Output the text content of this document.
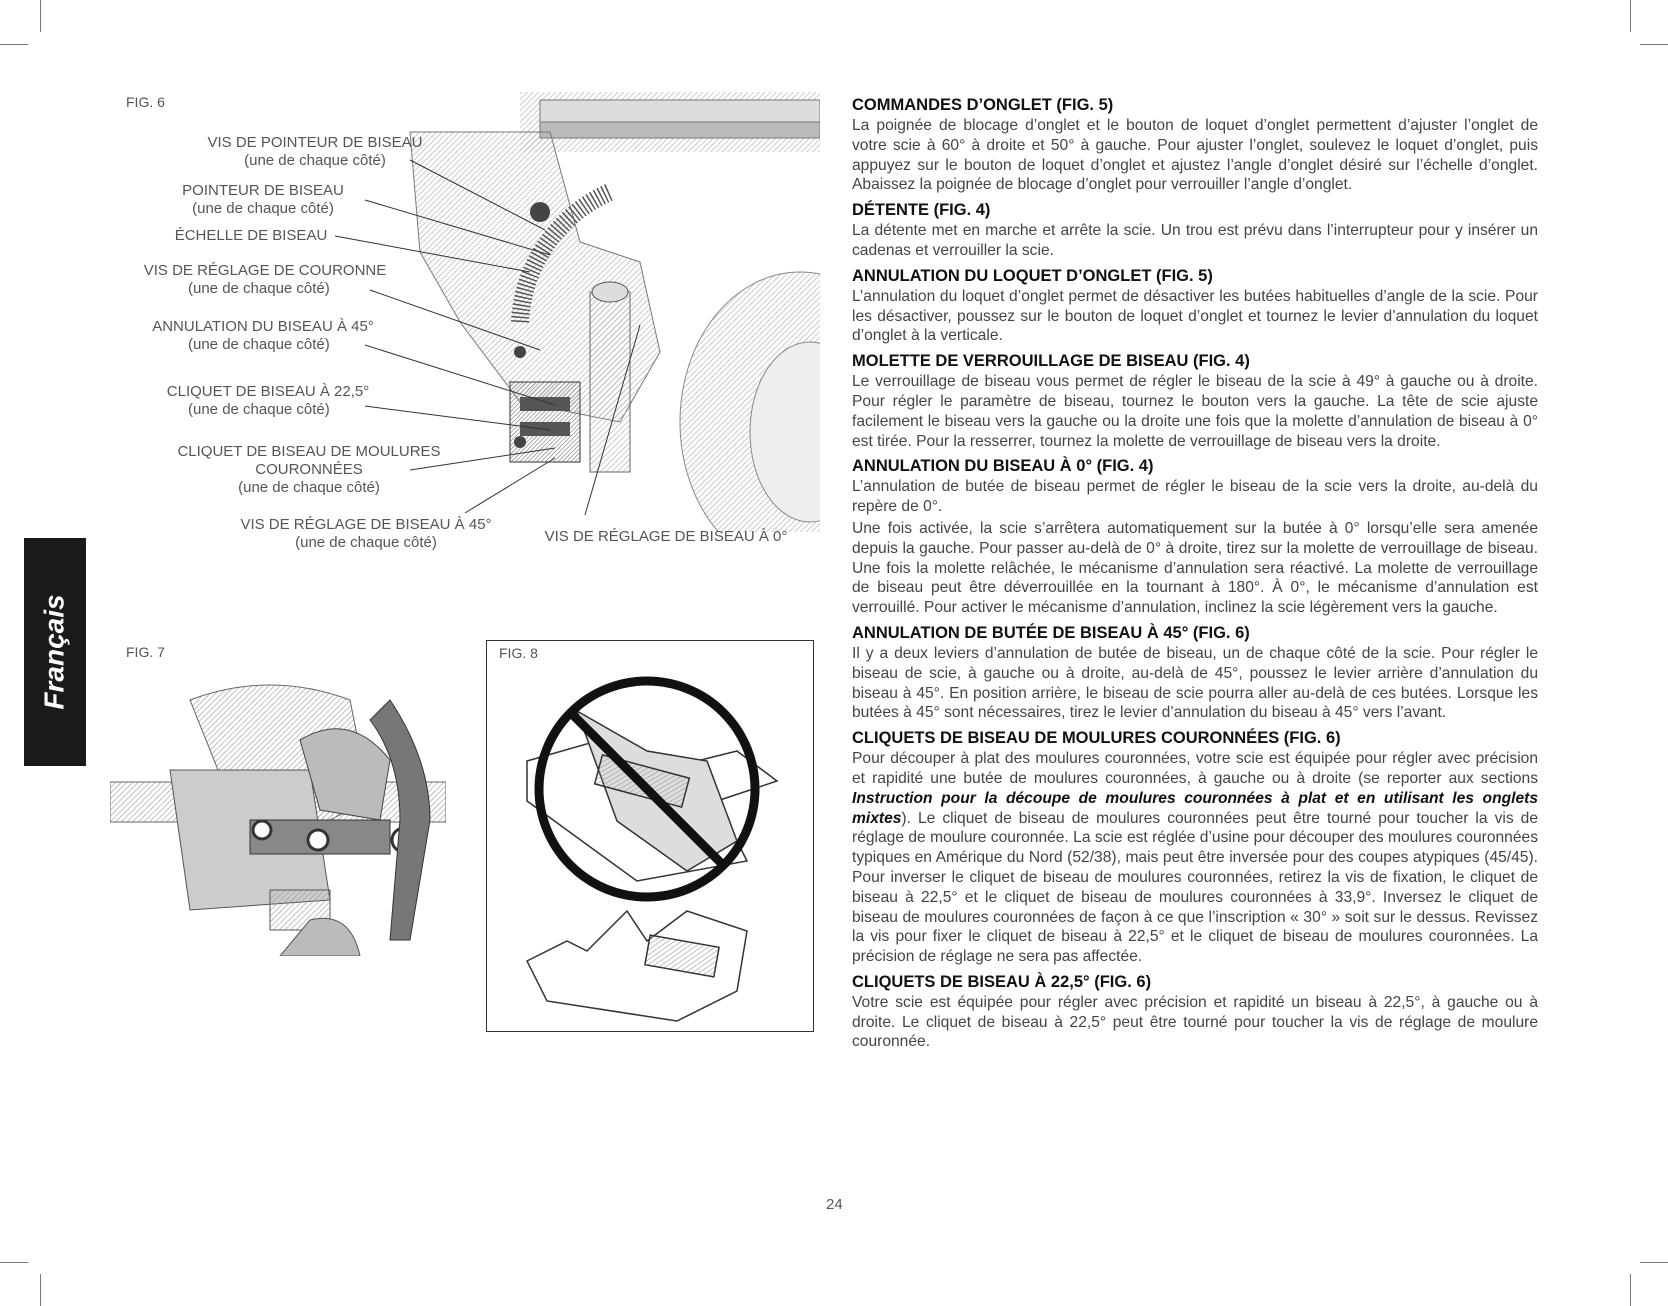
Français
FIG. 6
VIS DE POINTEUR DE BISEAU
(une de chaque côté)
POINTEUR DE BISEAU
(une de chaque côté)
ÉCHELLE DE BISEAU
VIS DE RÉGLAGE DE COURONNE
(une de chaque côté)
ANNULATION DU BISEAU À 45°
(une de chaque côté)
CLIQUET DE BISEAU À 22,5°
(une de chaque côté)
CLIQUET DE BISEAU DE MOULURES
COURONNÉES
(une de chaque côté)
VIS DE RÉGLAGE DE BISEAU À 45°
(une de chaque côté)	VIS DE RÉGLAGE DE BISEAU À 0°
FIG. 7	FIG. 8
COMMANDES D’ONGLET (FIG. 5)

La poignée de blocage d’onglet et le bouton de loquet d’onglet permettent d’ajuster l’onglet de votre scie à 60° à droite et 50° à gauche. Pour ajuster l’onglet, soulevez le loquet d’onglet, puis appuyez sur le bouton de loquet d’onglet et ajustez l’angle d’onglet désiré sur l’échelle d’onglet. Abaissez la poignée de blocage d’onglet pour verrouiller l’angle d’onglet.

DÉTENTE (FIG. 4)

La détente met en marche et arrête la scie. Un trou est prévu dans l’interrupteur pour y insérer un cadenas et verrouiller la scie.

ANNULATION DU LOQUET D’ONGLET (FIG. 5)

L’annulation du loquet d’onglet permet de désactiver les butées habituelles d’angle de la scie. Pour les désactiver, poussez sur le bouton de loquet d’onglet et tournez le levier d’annulation du loquet d’onglet à la verticale.

MOLETTE DE VERROUILLAGE DE BISEAU (FIG. 4)

Le verrouillage de biseau vous permet de régler le biseau de la scie à 49° à gauche ou à droite. Pour régler le paramètre de biseau, tournez le bouton vers la gauche. La tête de scie ajuste facilement le biseau vers la gauche ou la droite une fois que la molette d’annulation de biseau à 0° est tirée. Pour la resserrer, tournez la molette de verrouillage de biseau vers la droite.

ANNULATION DU BISEAU À 0° (FIG. 4)

L’annulation de butée de biseau permet de régler le biseau de la scie vers la droite, au-delà du repère de 0°.

Une fois activée, la scie s’arrêtera automatiquement sur la butée à 0° lorsqu’elle sera amenée depuis la gauche. Pour passer au-delà de 0° à droite, tirez sur la molette de verrouillage de biseau. Une fois la molette relâchée, le mécanisme d’annulation sera réactivé. La molette de verrouillage de biseau peut être déverrouillée en la tournant à 180°. À 0°, le mécanisme d’annulation est verrouillé. Pour activer le mécanisme d’annulation, inclinez la scie légèrement vers la gauche.

ANNULATION DE BUTÉE DE BISEAU À 45° (FIG. 6)

Il y a deux leviers d’annulation de butée de biseau, un de chaque côté de la scie. Pour régler le biseau de scie, à gauche ou à droite, au-delà de 45°, poussez le levier arrière d’annulation du biseau à 45°. En position arrière, le biseau de scie pourra aller au-delà de ces butées. Lorsque les butées à 45° sont nécessaires, tirez le levier d’annulation du biseau à 45° vers l’avant.

CLIQUETS DE BISEAU DE MOULURES COURONNÉES (FIG. 6)

Pour découper à plat des moulures couronnées, votre scie est équipée pour régler avec précision et rapidité une butée de moulures couronnées, à gauche ou à droite (se reporter aux sections Instruction pour la découpe de moulures couronnées à plat et en utilisant les onglets mixtes). Le cliquet de biseau de moulures couronnées peut être tourné pour toucher la vis de réglage de moulure couronnée. La scie est réglée d’usine pour découper des moulures couronnées typiques en Amérique du Nord (52/38), mais peut être inversée pour des coupes atypiques (45/45). Pour inverser le cliquet de biseau de moulures couronnées, retirez la vis de fixation, le cliquet de biseau à 22,5° et le cliquet de biseau de moulures couronnées à 33,9°. Inversez le cliquet de biseau de moulures couronnées de façon à ce que l’inscription « 30° » soit sur le dessus. Revissez la vis pour fixer le cliquet de biseau à 22,5° et le cliquet de biseau de moulures couronnées. La précision de réglage ne sera pas affectée.

CLIQUETS DE BISEAU À 22,5° (FIG. 6)

Votre scie est équipée pour régler avec précision et rapidité un biseau à 22,5°, à gauche ou à droite. Le cliquet de biseau à 22,5° peut être tourné pour toucher la vis de réglage de moulure couronnée.

24
